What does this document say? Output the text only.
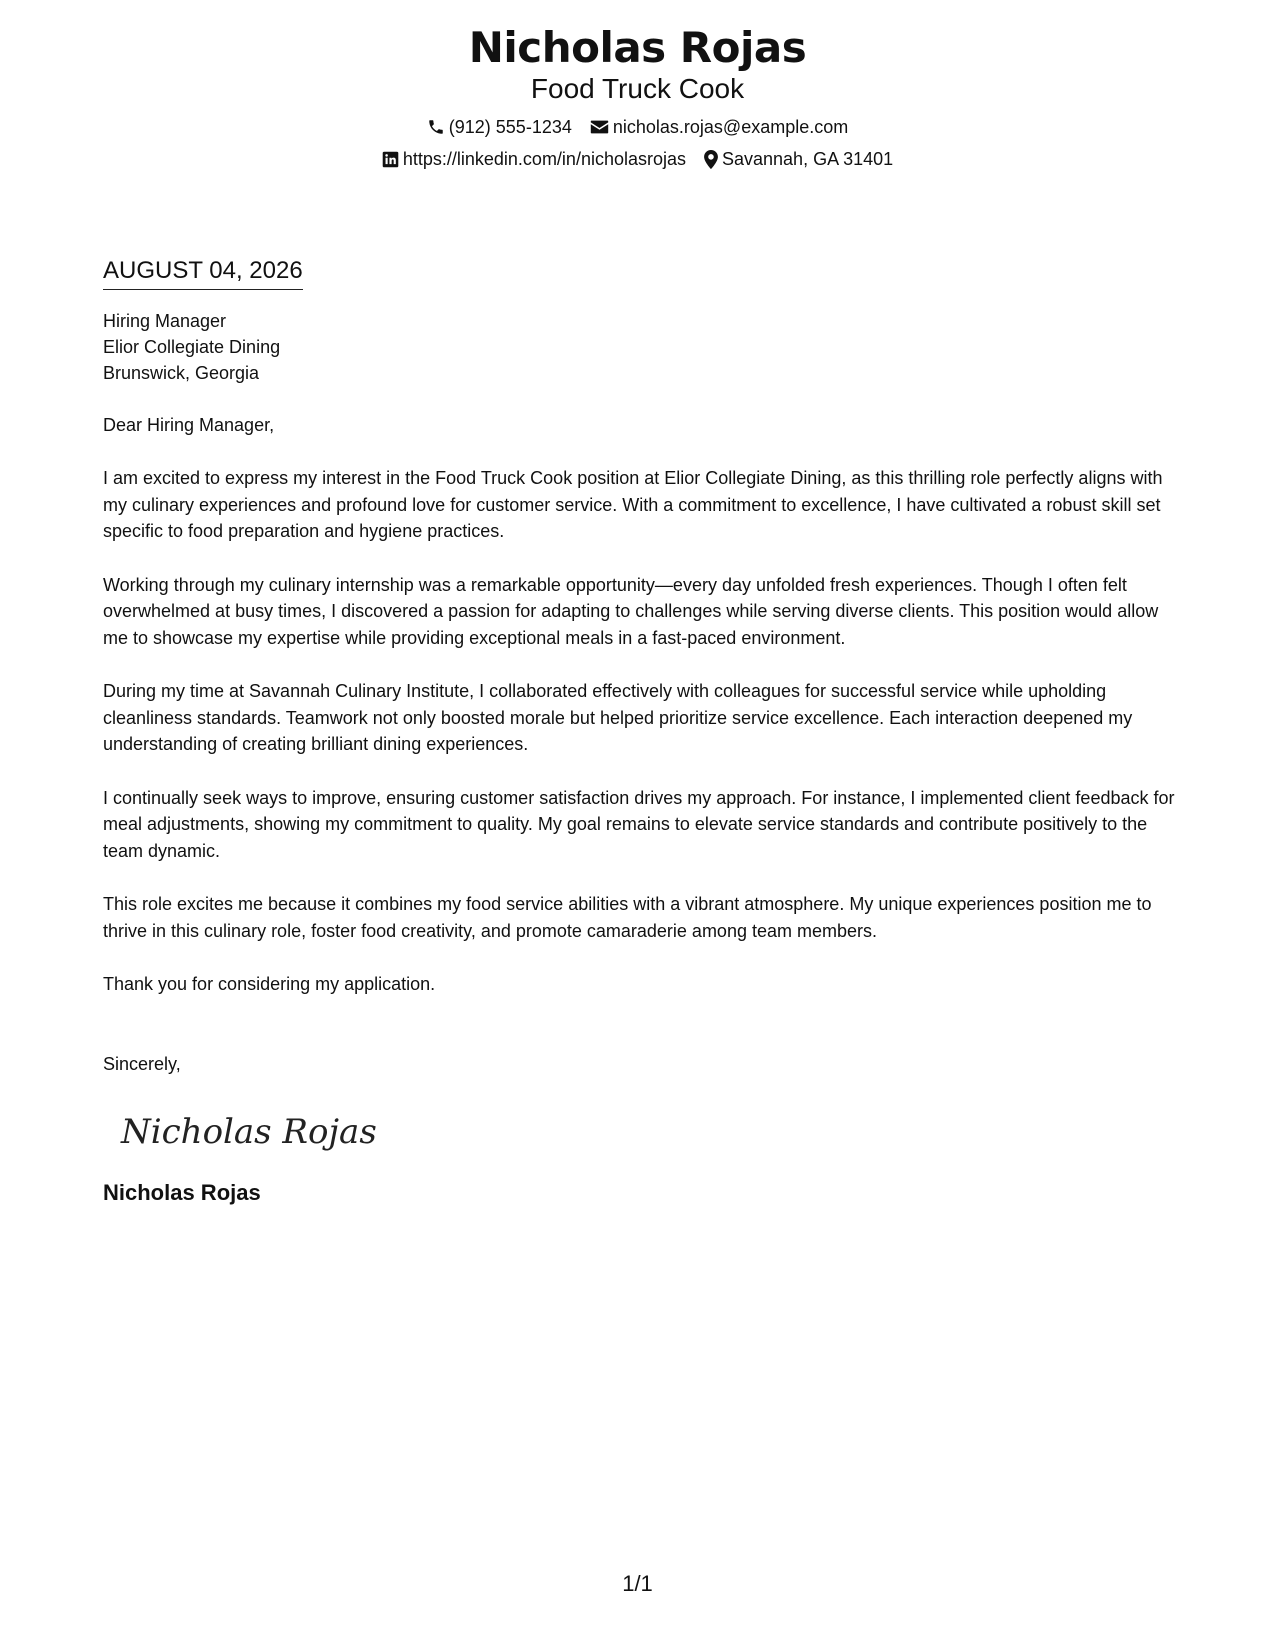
Nicholas Rojas
Food Truck Cook
(912) 555-1234 nicholas.rojas@example.com
https://linkedin.com/in/nicholasrojas Savannah, GA 31401
AUGUST 04, 2026
Hiring Manager
Elior Collegiate Dining
Brunswick, Georgia
Dear Hiring Manager,
I am excited to express my interest in the Food Truck Cook position at Elior Collegiate Dining, as this thrilling role perfectly aligns with my culinary experiences and profound love for customer service. With a commitment to excellence, I have cultivated a robust skill set specific to food preparation and hygiene practices.
Working through my culinary internship was a remarkable opportunity—every day unfolded fresh experiences. Though I often felt overwhelmed at busy times, I discovered a passion for adapting to challenges while serving diverse clients. This position would allow me to showcase my expertise while providing exceptional meals in a fast-paced environment.
During my time at Savannah Culinary Institute, I collaborated effectively with colleagues for successful service while upholding cleanliness standards. Teamwork not only boosted morale but helped prioritize service excellence. Each interaction deepened my understanding of creating brilliant dining experiences.
I continually seek ways to improve, ensuring customer satisfaction drives my approach. For instance, I implemented client feedback for meal adjustments, showing my commitment to quality. My goal remains to elevate service standards and contribute positively to the team dynamic.
This role excites me because it combines my food service abilities with a vibrant atmosphere. My unique experiences position me to thrive in this culinary role, foster food creativity, and promote camaraderie among team members.
Thank you for considering my application.
Sincerely,
Nicholas Rojas
Nicholas Rojas
1/1
